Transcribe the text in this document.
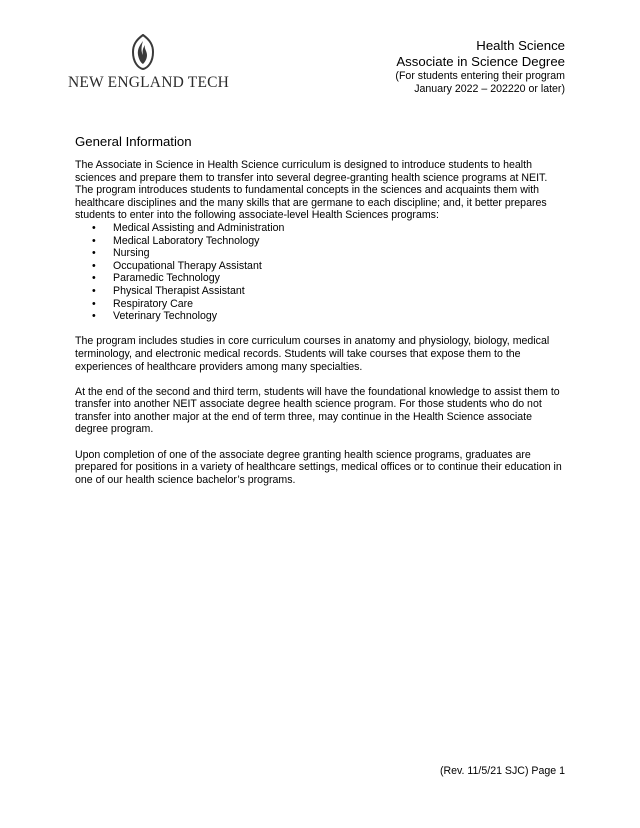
NEW ENGLAND TECH
Health Science
Associate in Science Degree
(For students entering their program
January 2022 – 202220 or later)
General Information

The Associate in Science in Health Science curriculum is designed to introduce students to health sciences and prepare them to transfer into several degree-granting health science programs at NEIT. The program introduces students to fundamental concepts in the sciences and acquaints them with healthcare disciplines and the many skills that are germane to each discipline; and, it better prepares students to enter into the following associate-level Health Sciences programs:

• Medical Assisting and Administration
• Medical Laboratory Technology
• Nursing
• Occupational Therapy Assistant
• Paramedic Technology
• Physical Therapist Assistant
• Respiratory Care
• Veterinary Technology

The program includes studies in core curriculum courses in anatomy and physiology, biology, medical terminology, and electronic medical records. Students will take courses that expose them to the experiences of healthcare providers among many specialties.

At the end of the second and third term, students will have the foundational knowledge to assist them to transfer into another NEIT associate degree health science program. For those students who do not transfer into another major at the end of term three, may continue in the Health Science associate degree program.

Upon completion of one of the associate degree granting health science programs, graduates are prepared for positions in a variety of healthcare settings, medical offices or to continue their education in one of our health science bachelor’s programs.

(Rev. 11/5/21 SJC) Page 1
